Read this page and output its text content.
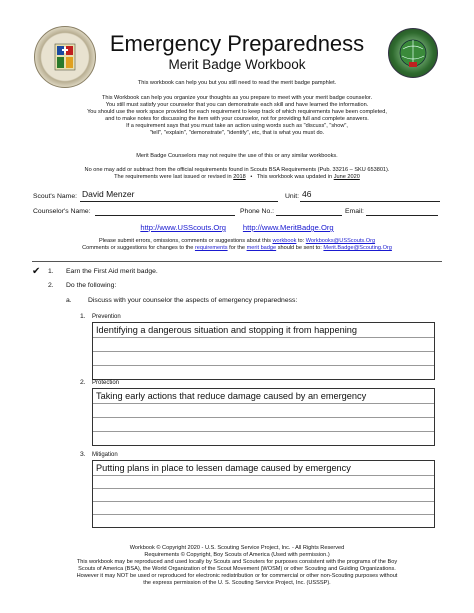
Emergency Preparedness
Merit Badge Workbook
This workbook can help you but you still need to read the merit badge pamphlet.
This Workbook can help you organize your thoughts as you prepare to meet with your merit badge counselor.
You still must satisfy your counselor that you can demonstrate each skill and have learned the information.
You should use the work space provided for each requirement to keep track of which requirements have been completed,
and to make notes for discussing the item with your counselor, not for providing full and complete answers.
If a requirement says that you must take an action using words such as "discuss", "show",
"tell", "explain", "demonstrate", "identify", etc, that is what you must do.
Merit Badge Counselors may not require the use of this or any similar workbooks.
No one may add or subtract from the official requirements found in Scouts BSA Requirements (Pub. 33216 – SKU 653801).
The requirements were last issued or revised in 2018 • This workbook was updated in June 2020
Scout's Name: David Menzer	Unit: 46
Counselor's Name:	Phone No.:	Email:
http://www.USScouts.Org http://www.MeritBadge.Org
Please submit errors, omissions, comments or suggestions about this workbook to: Workbooks@USScouts.Org
Comments or suggestions for changes to the requirements for the merit badge should be sent to: Merit.Badge@Scouting.Org
✔ 1. Earn the First Aid merit badge.
2. Do the following:
a. Discuss with your counselor the aspects of emergency preparedness:
1. Prevention
Identifying a dangerous situation and stopping it from happening
2. Protection
Taking early actions that reduce damage caused by an emergency
3. Mitigation
Putting plans in place to lessen damage caused by emergency
Workbook © Copyright 2020 - U.S. Scouting Service Project, Inc. - All Rights Reserved
Requirements © Copyright, Boy Scouts of America (Used with permission.)
This workbook may be reproduced and used locally by Scouts and Scouters for purposes consistent with the programs of the Boy
Scouts of America (BSA), the World Organization of the Scout Movement (WOSM) or other Scouting and Guiding Organizations.
However it may NOT be used or reproduced for electronic redistribution or for commercial or other non-Scouting purposes without
the express permission of the U. S. Scouting Service Project, Inc. (USSSP).
